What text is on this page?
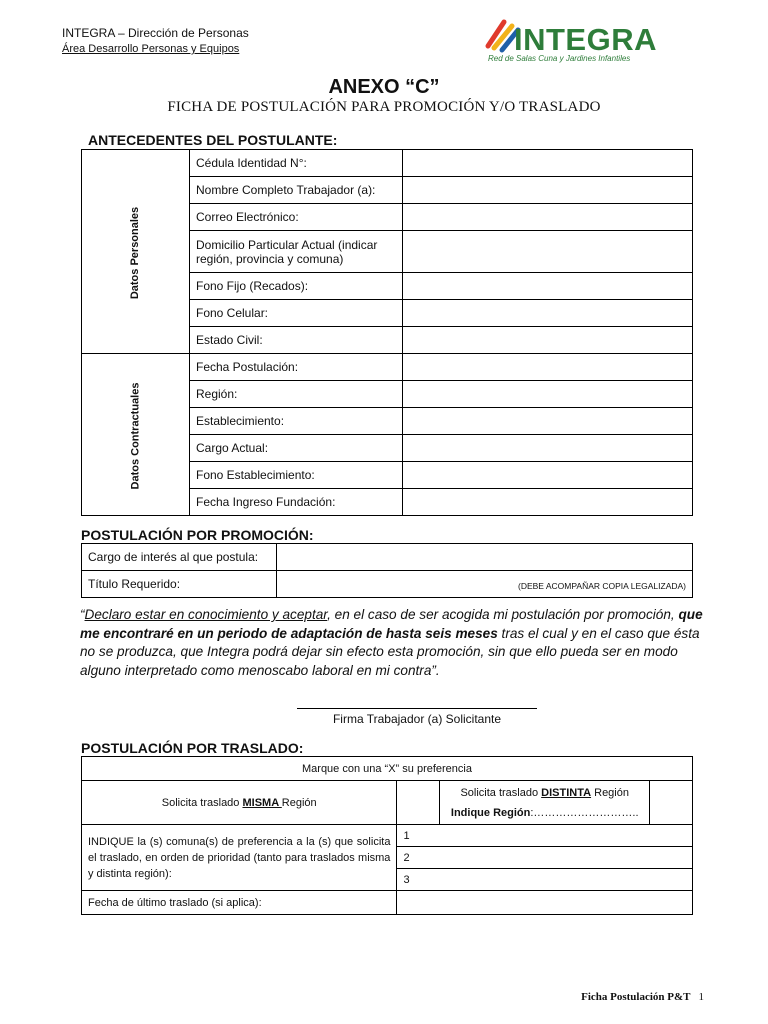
INTEGRA – Dirección de Personas
Área Desarrollo Personas y Equipos	INTEGRA
Red de Salas Cuna y Jardines Infantiles
ANEXO “C”
FICHA DE POSTULACIÓN PARA PROMOCIÓN Y/O TRASLADO
ANTECEDENTES DEL POSTULANTE:
Datos Personales	Cédula Identidad N°:	
	Nombre Completo Trabajador (a):	
	Correo Electrónico:	
	Domicilio Particular Actual (indicar región, provincia y comuna)	
	Fono Fijo (Recados):	
	Fono Celular:	
	Estado Civil:	
Datos Contractuales	Fecha Postulación:	
	Región:	
	Establecimiento:	
	Cargo Actual:	
	Fono Establecimiento:	
	Fecha Ingreso Fundación:	
POSTULACIÓN POR PROMOCIÓN:
Cargo de interés al que postula:	
Título Requerido:	(DEBE ACOMPAÑAR COPIA LEGALIZADA)
“Declaro estar en conocimiento y aceptar, en el caso de ser acogida mi postulación por promoción, que me encontraré en un periodo de adaptación de hasta seis meses tras el cual y en el caso que ésta no se produzca, que Integra podrá dejar sin efecto esta promoción, sin que ello pueda ser en modo alguno interpretado como menoscabo laboral en mi contra”.
Firma Trabajador (a) Solicitante
POSTULACIÓN POR TRASLADO:
Marque con una “X” su preferencia			
Solicita traslado MISMA Región		Solicita traslado DISTINTA Región
Indique Región:………………………..	
INDIQUE la (s) comuna(s) de preferencia a la (s) que solicita el traslado, en orden de prioridad (tanto para traslados misma y distinta región):	1		
	2		
	3		
Fecha de último traslado (si aplica):			
Ficha Postulación P&T 1
